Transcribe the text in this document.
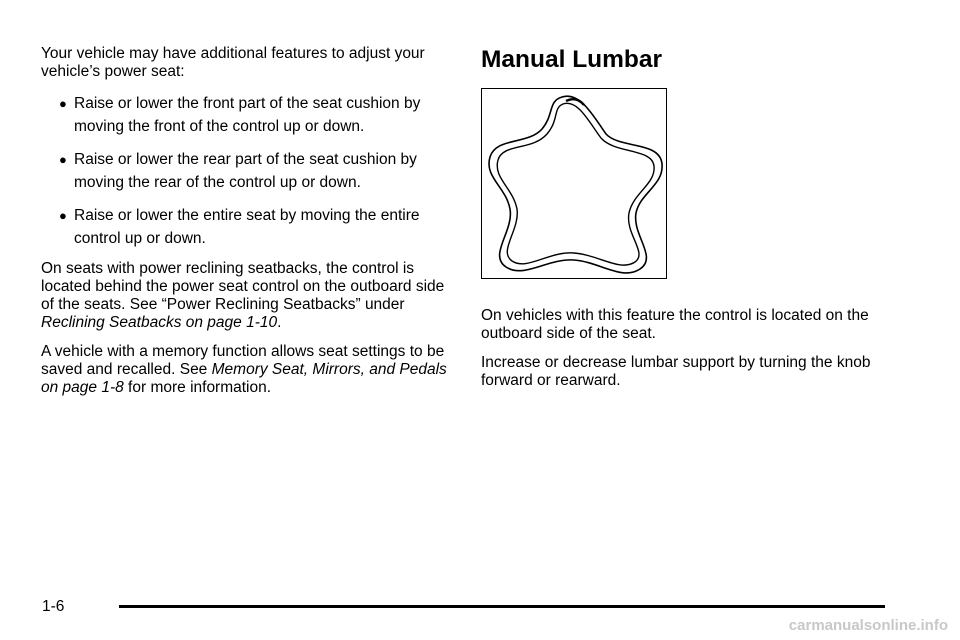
Your vehicle may have additional features to adjust your vehicle’s power seat:

● Raise or lower the front part of the seat cushion by moving the front of the control up or down.
● Raise or lower the rear part of the seat cushion by moving the rear of the control up or down.
● Raise or lower the entire seat by moving the entire control up or down.

On seats with power reclining seatbacks, the control is located behind the power seat control on the outboard side of the seats. See “Power Reclining Seatbacks” under Reclining Seatbacks on page 1-10.

A vehicle with a memory function allows seat settings to be saved and recalled. See Memory Seat, Mirrors, and Pedals on page 1-8 for more information.

Manual Lumbar

On vehicles with this feature the control is located on the outboard side of the seat.

Increase or decrease lumbar support by turning the knob forward or rearward.

1-6
carmanualsonline.info
